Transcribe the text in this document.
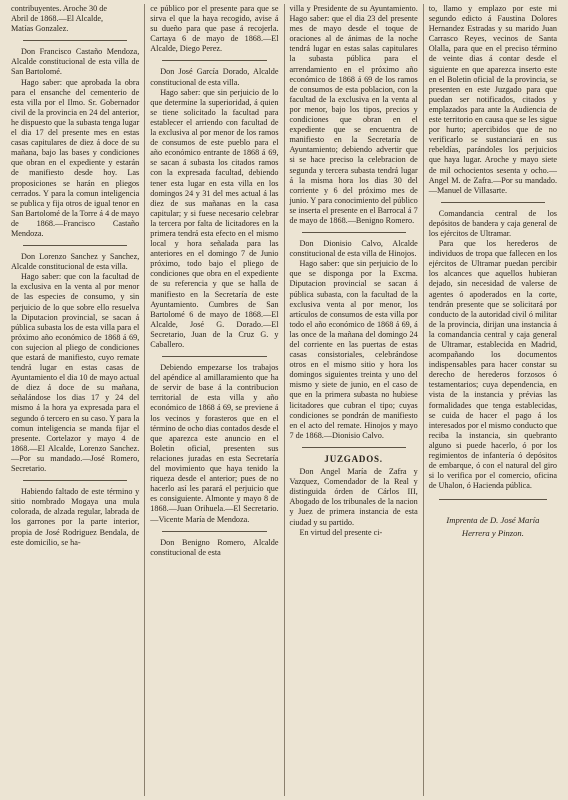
contribuyentes. Aroche 30 de

Abril de 1868.—El Alcalde,

Matías Gonzalez.

Don Francisco Castaño Mendoza, Alcalde constitucional de esta villa de San Bartolomé.

Hago saber: que aprobada la obra para el ensanche del cementerio de esta villa por el Ilmo. Sr. Gobernador civil de la provincia en 24 del anterior, he dispuesto que la subasta tenga lugar el dia 17 del presente mes en estas casas capitulares de diez á doce de su mañana, bajo las bases y condiciones que obran en el expediente y estarán de manifiesto desde hoy. Las proposiciones se harán en pliegos cerrados. Y para la comun inteligencia se publica y fija otros de igual tenor en San Bartolomé de la Torre á 4 de mayo de 1868.—Francisco Castaño Mendoza.

Don Lorenzo Sanchez y Sanchez, Alcalde constitucional de esta villa.

Hago saber: que con la facultad de la exclusiva en la venta al por menor de las especies de consumo, y sin perjuicio de lo que sobre ello resuelva la Diputacion provincial, se sacan á pública subasta los de esta villa para el próximo año económico de 1868 á 69, con sujecion al pliego de condiciones que estará de manifiesto, cuyo remate tendrá lugar en estas casas de Ayuntamiento el dia 10 de mayo actual de diez á doce de su mañana, señalándose los dias 17 y 24 del mismo á la hora ya expresada para el segundo ó tercero en su caso. Y para la comun inteligencia se manda fijar el presente. Cortelazor y mayo 4 de 1868.—El Alcalde, Lorenzo Sanchez.—Por su mandado.—José Romero, Secretario.

Habiendo faltado de este término y sitio nombrado Mogaya una mula colorada, de alzada regular, labrada de los garrones por la parte interior, propia de José Rodriguez Bendala, de este domicilio, se ha-

ce público por el presente para que se sirva el que la haya recogido, avise á su dueño para que pase á recojerla. Cartaya 6 de mayo de 1868.—El Alcalde, Diego Perez.

Don José García Dorado, Alcalde constitucional de esta villa.

Hago saber: que sin perjuicio de lo que determine la superioridad, á quien se tiene solicitado la facultad para establecer el arriendo con facultad de la exclusiva al por menor de los ramos de consumos de este pueblo para el año económico entrante de 1868 á 69, se sacan á subasta los citados ramos con la expresada facultad, debiendo tener esta lugar en esta villa en los domingos 24 y 31 del mes actual á las diez de sus mañanas en la casa capitular; y si fuese necesario celebrar la tercera por falta de licitadores en la primera tendrá esta efecto en el mismo local y hora señalada para las anteriores en el domingo 7 de Junio próximo, todo bajo el pliego de condiciones que obra en el expediente de su referencia y que se halla de manifiesto en la Secretaría de este Ayuntamiento. Cumbres de San Bartolomé 6 de mayo de 1868.—El Alcalde, José G. Dorado.—El Secretario, Juan de la Cruz G. y Caballero.

Debiendo empezarse los trabajos del apéndice al amillaramiento que ha de servir de base á la contribucion territorial de esta villa y año económico de 1868 á 69, se previene á los vecinos y forasteros que en el término de ocho dias contados desde el que aparezca este anuncio en el Boletin oficial, presenten sus relaciones juradas en esta Secretaría del movimiento que haya tenido la riqueza desde el anterior; pues de no hacerlo así les parará el perjuicio que es consiguiente. Almonte y mayo 8 de 1868.—Juan Orihuela.—El Secretario.—Vicente María de Mendoza.

Don Benigno Romero, Alcalde constitucional de esta

villa y Presidente de su Ayuntamiento. Hago saber: que el dia 23 del presente mes de mayo desde el toque de oraciones al de ánimas de la noche tendrá lugar en estas salas capitulares la subasta pública para el arrendamiento en el próximo año económico de 1868 á 69 de los ramos de consumos de esta poblacion, con la facultad de la exclusiva en la venta al por menor, bajo los tipos, precios y condiciones que obran en el expediente que se encuentra de manifiesto en la Secretaría de Ayuntamiento; debiendo advertir que si se hace preciso la celebracion de segunda y tercera subasta tendrá lugar á la misma hora los dias 30 del corriente y 6 del próximo mes de junio. Y para conocimiento del público se inserta el presente en el Barrocal á 7 de mayo de 1868.—Benigno Romero.

Don Dionisio Calvo, Alcalde constitucional de esta villa de Hinojos.

Hago saber: que sin perjuicio de lo que se disponga por la Excma. Diputacion provincial se sacan á pública subasta, con la facultad de la exclusiva venta al por menor, los artículos de consumos de esta villa por todo el año económico de 1868 á 69, á las once de la mañana del domingo 24 del corriente en las puertas de estas casas consistoriales, celebrándose otros en el mismo sitio y hora los domingos siguientes treinta y uno del mismo y siete de junio, en el caso de que en la primera subasta no hubiese licitadores que cubran el tipo; cuyas condiciones se pondrán de manifiesto en el acto del remate. Hinojos y mayo 7 de 1868.—Dionisio Calvo.

JUZGADOS.

Don Angel María de Zafra y Vazquez, Comendador de la Real y distinguida órden de Cárlos III, Abogado de los tribunales de la nacion y Juez de primera instancia de esta ciudad y su partido.

En virtud del presente ci-

to, llamo y emplazo por este mi segundo edicto á Faustina Dolores Hernandez Estradas y su marido Juan Carrasco Reyes, vecinos de Santa Olalla, para que en el preciso término de veinte dias á contar desde el siguiente en que aparezca inserto este en el Boletin oficial de la provincia, se presenten en este Juzgado para que puedan ser notificados, citados y emplazados para ante la Audiencia de este territorio en causa que se les sigue por hurto; apercibidos que de no verificarlo se sustanciará en sus rebeldías, parándoles los perjuicios que haya lugar. Aroche y mayo siete de mil ochocientos sesenta y ocho.—Angel M. de Zafra.—Por su mandado.—Manuel de Villasarte.

Comandancia central de los depósitos de bandera y caja general de los ejércitos de Ultramar.

Para que los herederos de individuos de tropa que fallecen en los ejércitos de Ultramar puedan percibir los alcances que aquellos hubieran dejado, sin necesidad de valerse de agentes ó apoderados en la corte, tendrán presente que se solicitará por conducto de la autoridad civil ó militar de la provincia, dirijan una instancia á la comandancia central y caja general de Ultramar, establecida en Madrid, acompañando los documentos indispensables para hacer constar su derecho de herederos forzosos ó testamentarios; cuya dependencia, en vista de la instancia y prévias las formalidades que tenga establecidas, se cuida de hacer el pago á los interesados por el mismo conducto que reciba la instancia, sin quebranto alguno si puede hacerlo, ó por los regimientos de infantería ó depósitos de embarque, ó con el natural del giro si lo verifica por el comercio, oficina de Uhalon, ó Hacienda pública.

Imprenta de D. José María
Herrera y Pinzon.
